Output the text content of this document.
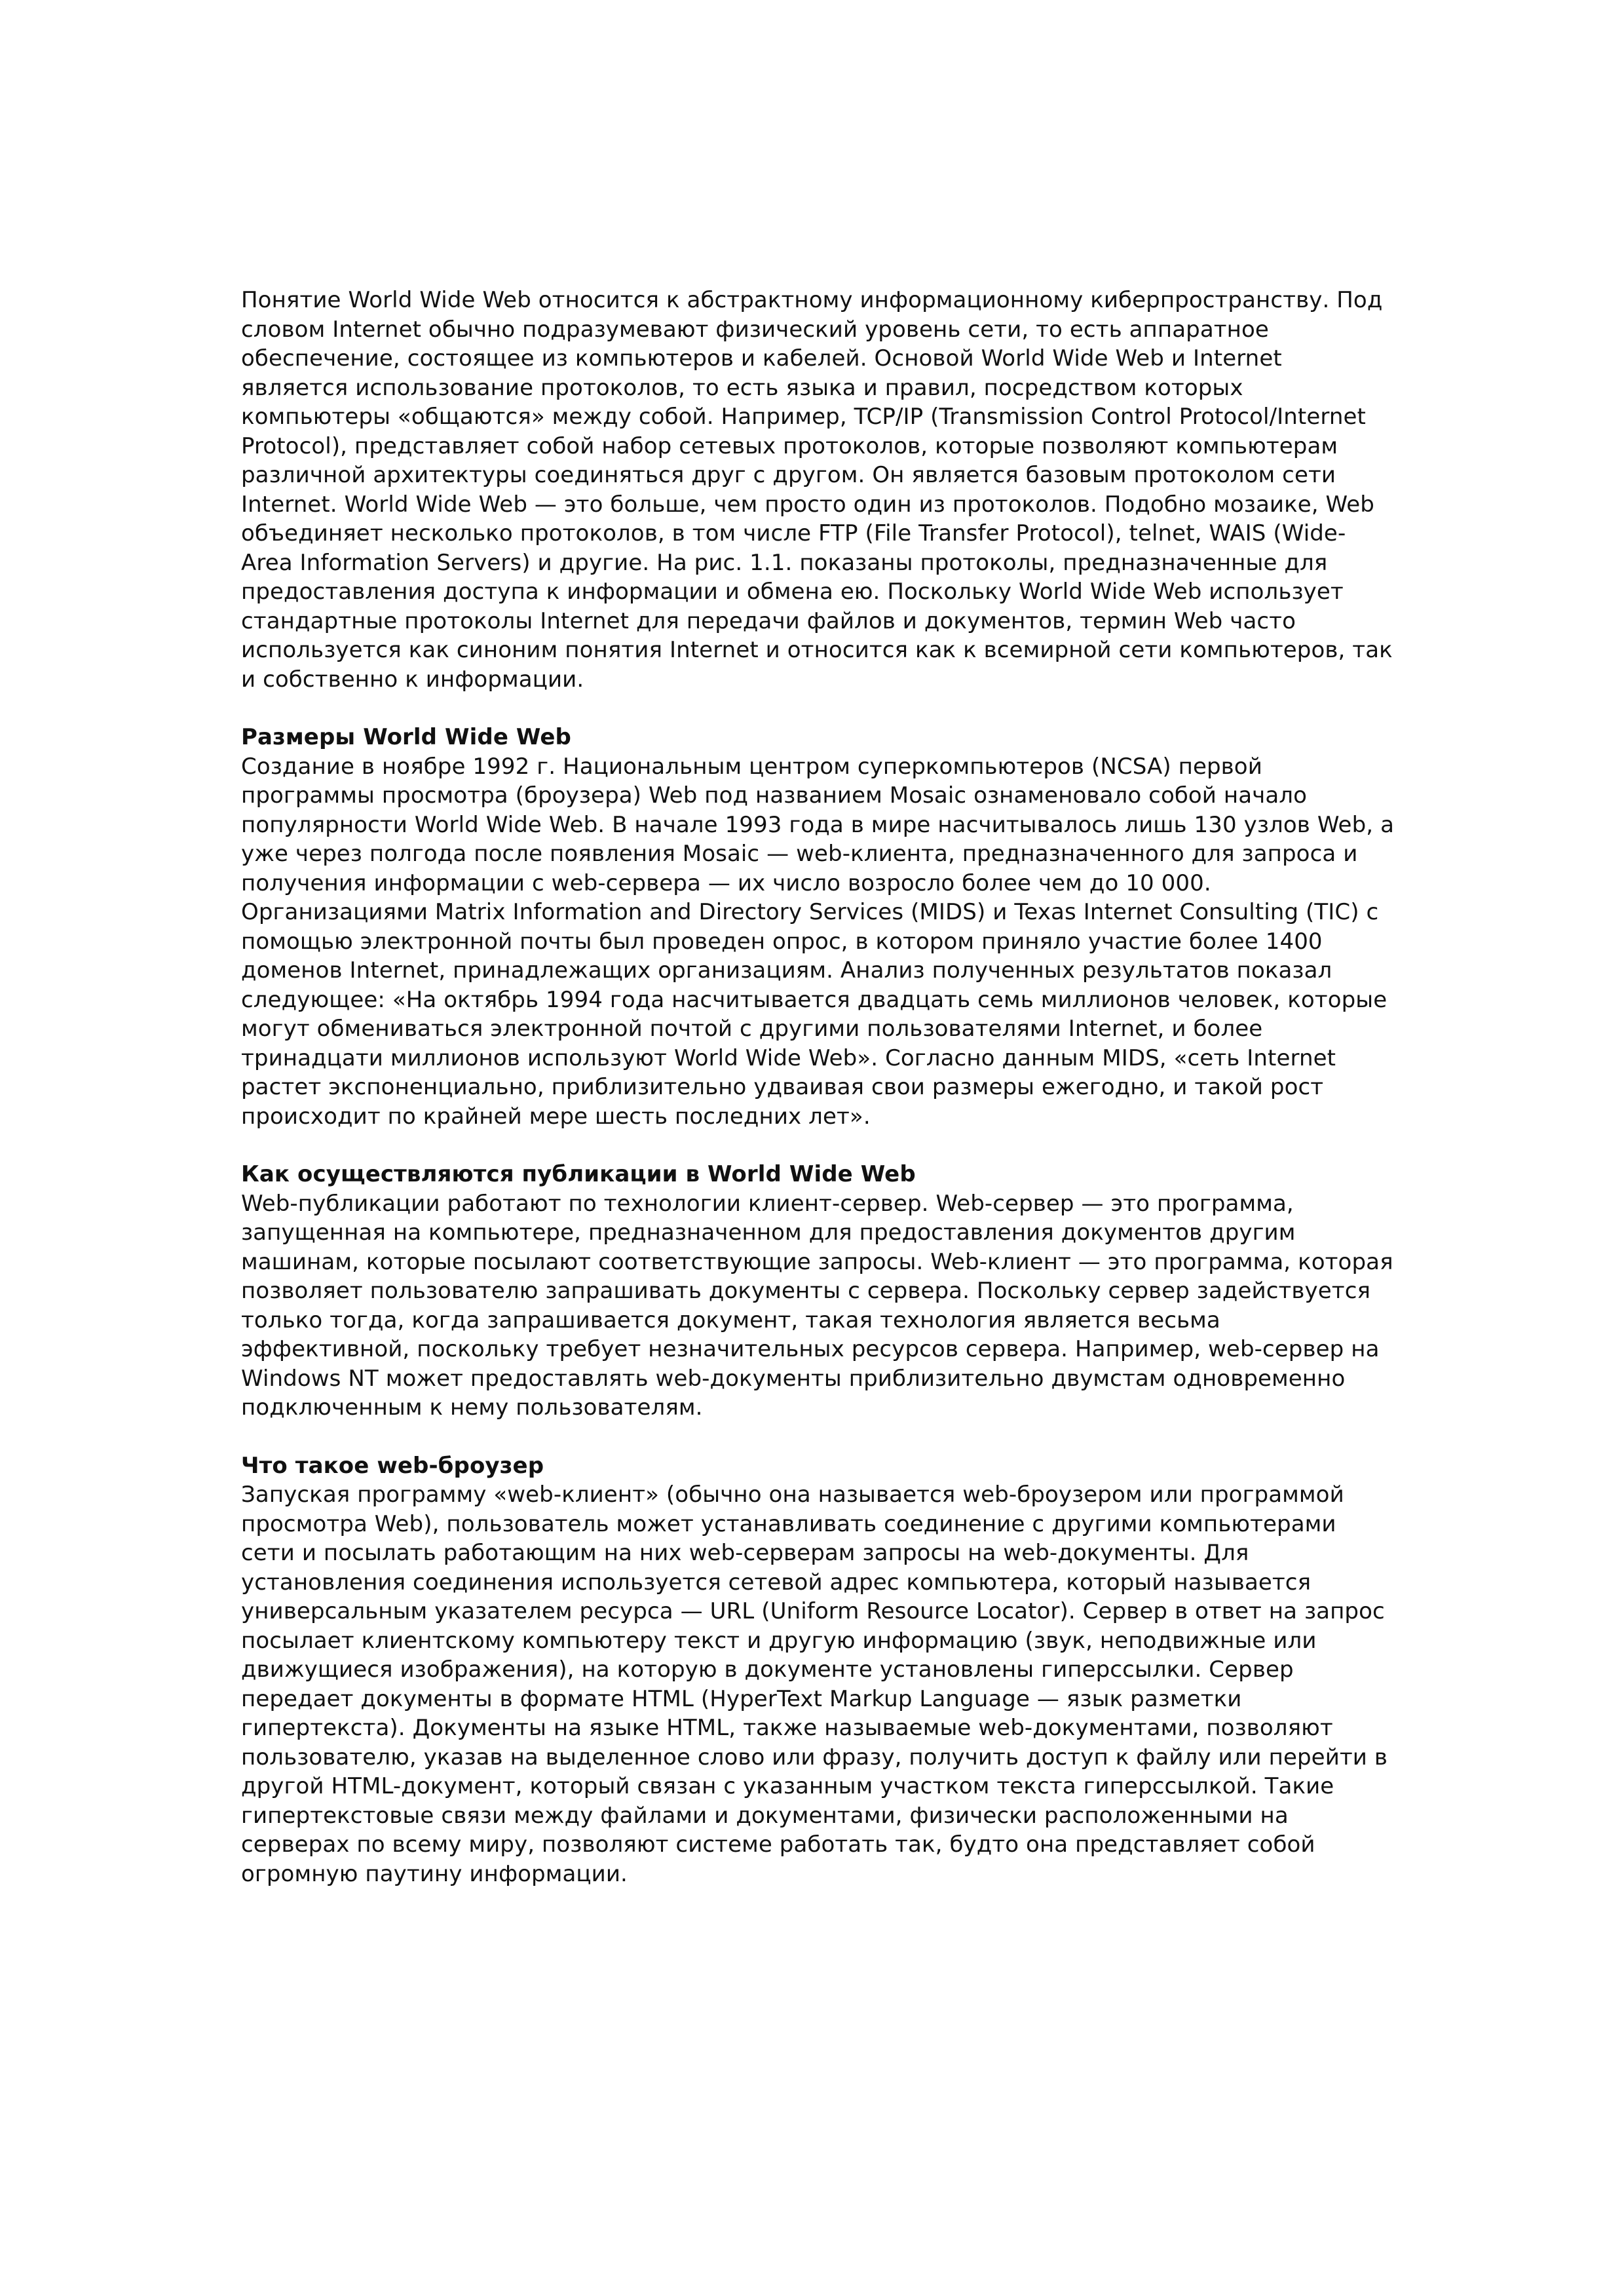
Понятие World Wide Web относится к абстрактному информационному киберпространству. Под словом Internet обычно подразумевают физический уровень сети, то есть аппаратное обеспечение, состоящее из компьютеров и кабелей. Основой World Wide Web и Internet является использование протоколов, то есть языка и правил, посредством которых компьютеры «общаются» между собой. Например, TCP/IP (Transmission Control Protocol/Internet Protocol), представляет собой набор сетевых протоколов, которые позволяют компьютерам различной архитектуры соединяться друг с другом. Он является базовым протоколом сети Internet. World Wide Web — это больше, чем просто один из протоколов. Подобно мозаике, Web объединяет несколько протоколов, в том числе FTP (File Transfer Protocol), telnet, WAIS (Wide-Area Information Servers) и другие. На рис. 1.1. показаны протоколы, предназначенные для предоставления доступа к информации и обмена ею. Поскольку World Wide Web использует стандартные протоколы Internet для передачи файлов и документов, термин Web часто используется как синоним понятия Internet и относится как к всемирной сети компьютеров, так и собственно к информации.

Размеры World Wide Web

Создание в ноябре 1992 г. Национальным центром суперкомпьютеров (NCSA) первой программы просмотра (броузера) Web под названием Mosaic ознаменовало собой начало популярности World Wide Web. В начале 1993 года в мире насчитывалось лишь 130 узлов Web, а уже через полгода после появления Mosaic — web-клиента, предназначенного для запроса и получения информации с web-сервера — их число возросло более чем до 10 000. Организациями Matrix Information and Directory Services (MIDS) и Texas Internet Consulting (TIC) с помощью электронной почты был проведен опрос, в котором приняло участие более 1400 доменов Internet, принадлежащих организациям. Анализ полученных результатов показал следующее: «На октябрь 1994 года насчитывается двадцать семь миллионов человек, которые могут обмениваться электронной почтой с другими пользователями Internet, и более тринадцати миллионов используют World Wide Web». Согласно данным MIDS, «сеть Internet растет экспоненциально, приблизительно удваивая свои размеры ежегодно, и такой рост происходит по крайней мере шесть последних лет».

Как осуществляются публикации в World Wide Web

Web-публикации работают по технологии клиент-сервер. Web-сервер — это программа, запущенная на компьютере, предназначенном для предоставления документов другим машинам, которые посылают соответствующие запросы. Web-клиент — это программа, которая позволяет пользователю запрашивать документы с сервера. Поскольку сервер задействуется только тогда, когда запрашивается документ, такая технология является весьма эффективной, поскольку требует незначительных ресурсов сервера. Например, web-сервер на Windows NT может предоставлять web-документы приблизительно двумстам одновременно подключенным к нему пользователям.

Что такое web-броузер

Запуская программу «web-клиент» (обычно она называется web-броузером или программой просмотра Web), пользователь может устанавливать соединение с другими компьютерами сети и посылать работающим на них web-серверам запросы на web-документы. Для установления соединения используется сетевой адрес компьютера, который называется универсальным указателем ресурса — URL (Uniform Resource Locator). Сервер в ответ на запрос посылает клиентскому компьютеру текст и другую информацию (звук, неподвижные или движущиеся изображения), на которую в документе установлены гиперссылки. Сервер передает документы в формате HTML (HyperText Markup Language — язык разметки гипертекста). Документы на языке HTML, также называемые web-документами, позволяют пользователю, указав на выделенное слово или фразу, получить доступ к файлу или перейти в другой HTML-документ, который связан с указанным участком текста гиперссылкой. Такие гипертекстовые связи между файлами и документами, физически расположенными на серверах по всему миру, позволяют системе работать так, будто она представляет собой огромную паутину информации.
